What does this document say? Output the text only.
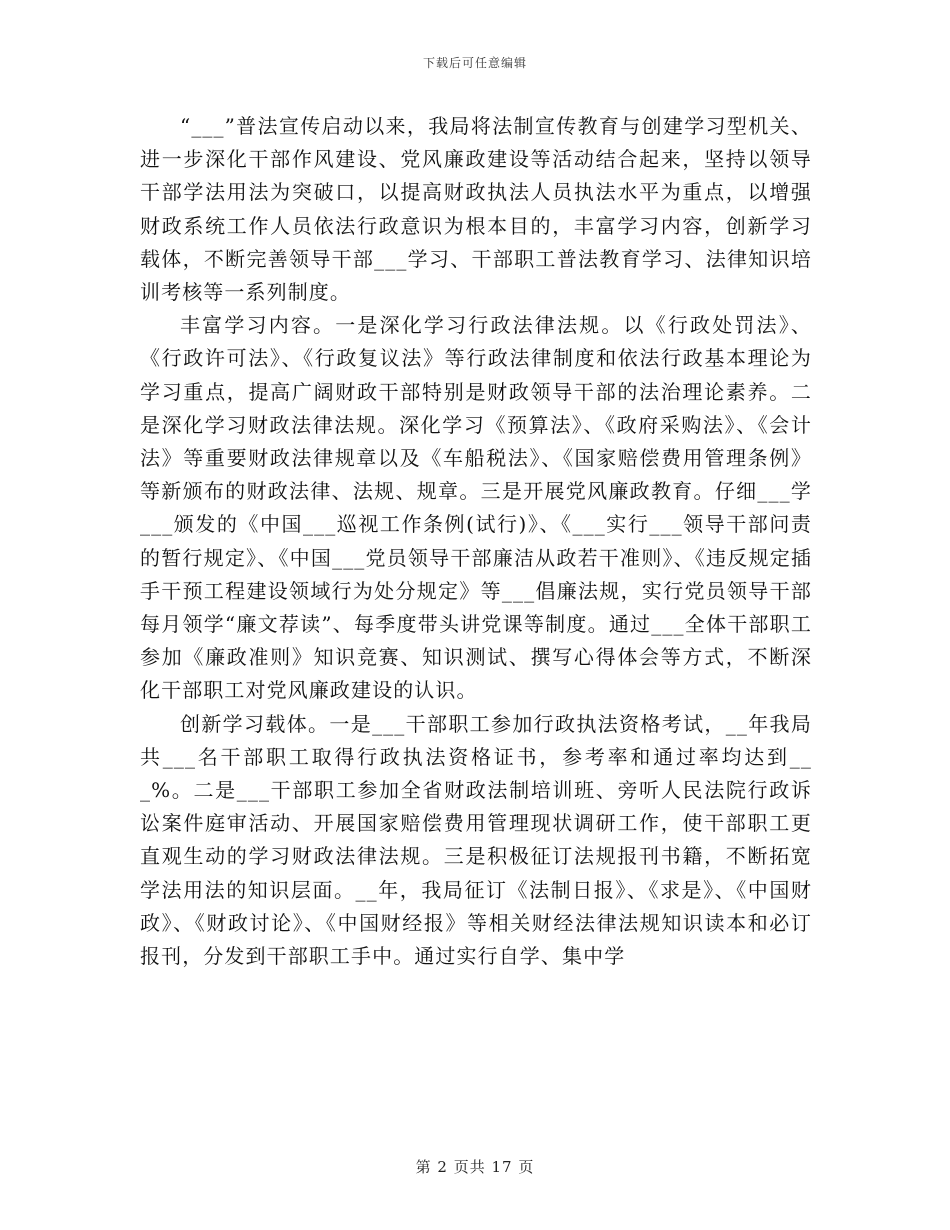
下载后可任意编辑

“___”普法宣传启动以来，我局将法制宣传教育与创建学习型机关、进一步深化干部作风建设、党风廉政建设等活动结合起来，坚持以领导干部学法用法为突破口，以提高财政执法人员执法水平为重点，以增强财政系统工作人员依法行政意识为根本目的，丰富学习内容，创新学习载体，不断完善领导干部___学习、干部职工普法教育学习、法律知识培训考核等一系列制度。

丰富学习内容。一是深化学习行政法律法规。以《行政处罚法》、《行政许可法》、《行政复议法》等行政法律制度和依法行政基本理论为学习重点，提高广阔财政干部特别是财政领导干部的法治理论素养。二是深化学习财政法律法规。深化学习《预算法》、《政府采购法》、《会计法》等重要财政法律规章以及《车船税法》、《国家赔偿费用管理条例》等新颁布的财政法律、法规、规章。三是开展党风廉政教育。仔细___学___颁发的《中国___巡视工作条例(试行)》、《___实行___领导干部问责的暂行规定》、《中国___党员领导干部廉洁从政若干准则》、《违反规定插手干预工程建设领域行为处分规定》等___倡廉法规，实行党员领导干部每月领学“廉文荐读”、每季度带头讲党课等制度。通过___全体干部职工参加《廉政准则》知识竞赛、知识测试、撰写心得体会等方式，不断深化干部职工对党风廉政建设的认识。

创新学习载体。一是___干部职工参加行政执法资格考试，__年我局共___名干部职工取得行政执法资格证书，参考率和通过率均达到___%。二是___干部职工参加全省财政法制培训班、旁听人民法院行政诉讼案件庭审活动、开展国家赔偿费用管理现状调研工作，使干部职工更直观生动的学习财政法律法规。三是积极征订法规报刊书籍，不断拓宽学法用法的知识层面。__年，我局征订《法制日报》、《求是》、《中国财政》、《财政讨论》、《中国财经报》等相关财经法律法规知识读本和必订报刊，分发到干部职工手中。通过实行自学、集中学

第 2 页共 17 页
